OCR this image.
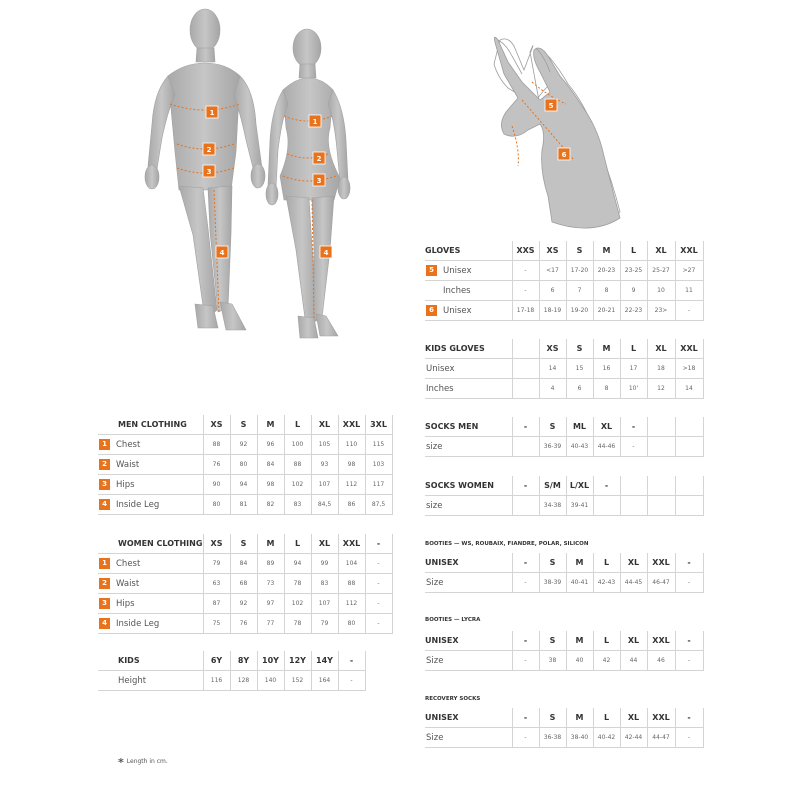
1
2
3
4
1
2
3
4
5
6
GLOVES	XXS	XS	S	M	L	XL	XXL
5 Unisex	-	<17	17-20	20-23	23-25	25-27	>27
Inches	-	6	7	8	9	10	11
6 Unisex	17-18	18-19	19-20	20-21	22-23	23>	-
KIDS GLOVES		XS	S	M	L	XL	XXL
Unisex		14	15	16	17	18	>18
Inches		4	6	8	10'	12	14
MEN CLOTHING	XS	S	M	L	XL	XXL	3XL
1 Chest	88	92	96	100	105	110	115
2 Waist	76	80	84	88	93	98	103
3 Hips	90	94	98	102	107	112	117
4 Inside Leg	80	81	82	83	84,5	86	87,5
WOMEN CLOTHING	XS	S	M	L	XL	XXL	-
1 Chest	79	84	89	94	99	104	-
2 Waist	63	68	73	78	83	88	-
3 Hips	87	92	97	102	107	112	-
4 Inside Leg	75	76	77	78	79	80	-
KIDS	6Y	8Y	10Y	12Y	14Y	-	
Height	116	128	140	152	164	-	
SOCKS MEN	-	S	ML	XL	-		
size		36-39	40-43	44-46	-		
SOCKS WOMEN	-	S/M	L/XL	-			
size		34-38	39-41				
BOOTIES — WS, ROUBAIX, FIANDRE, POLAR, SILICON
UNISEX	-	S	M	L	XL	XXL	-
Size	-	38-39	40-41	42-43	44-45	46-47	-
BOOTIES — LYCRA
UNISEX	-	S	M	L	XL	XXL	-
Size	-	38	40	42	44	46	-
RECOVERY SOCKS
UNISEX	-	S	M	L	XL	XXL	-
Size	-	36-38	38-40	40-42	42-44	44-47	-
* Length in cm.
